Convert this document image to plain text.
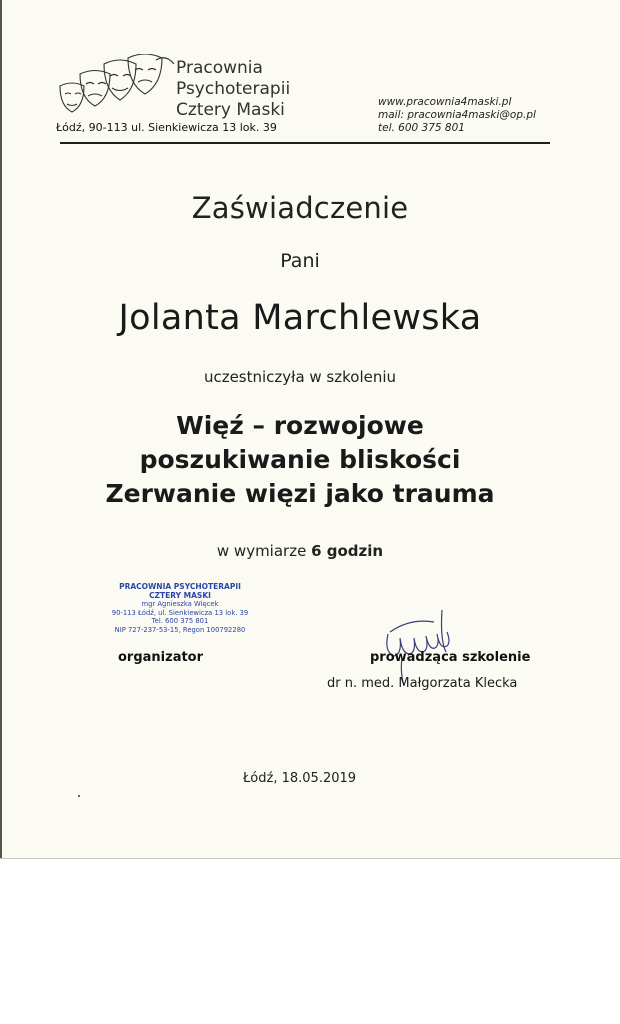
Pracownia
Psychoterapii
Cztery Maski
Łódź, 90-113 ul. Sienkiewicza 13 lok. 39
www.pracownia4maski.pl
mail: pracownia4maski@op.pl
tel. 600 375 801
Zaświadczenie
Pani
Jolanta Marchlewska
uczestniczyła w szkoleniu
Więź – rozwojowe
poszukiwanie bliskości
Zerwanie więzi jako trauma
w wymiarze 6 godzin
PRACOWNIA PSYCHOTERAPII
CZTERY MASKI
mgr Agnieszka Więcek
90-113 Łódź, ul. Sienkiewicza 13 lok. 39
Tel. 600 375 801
NIP 727-237-53-15, Regon 100792280
organizator	prowadząca szkolenie
dr n. med. Małgorzata Klecka
Łódź, 18.05.2019
